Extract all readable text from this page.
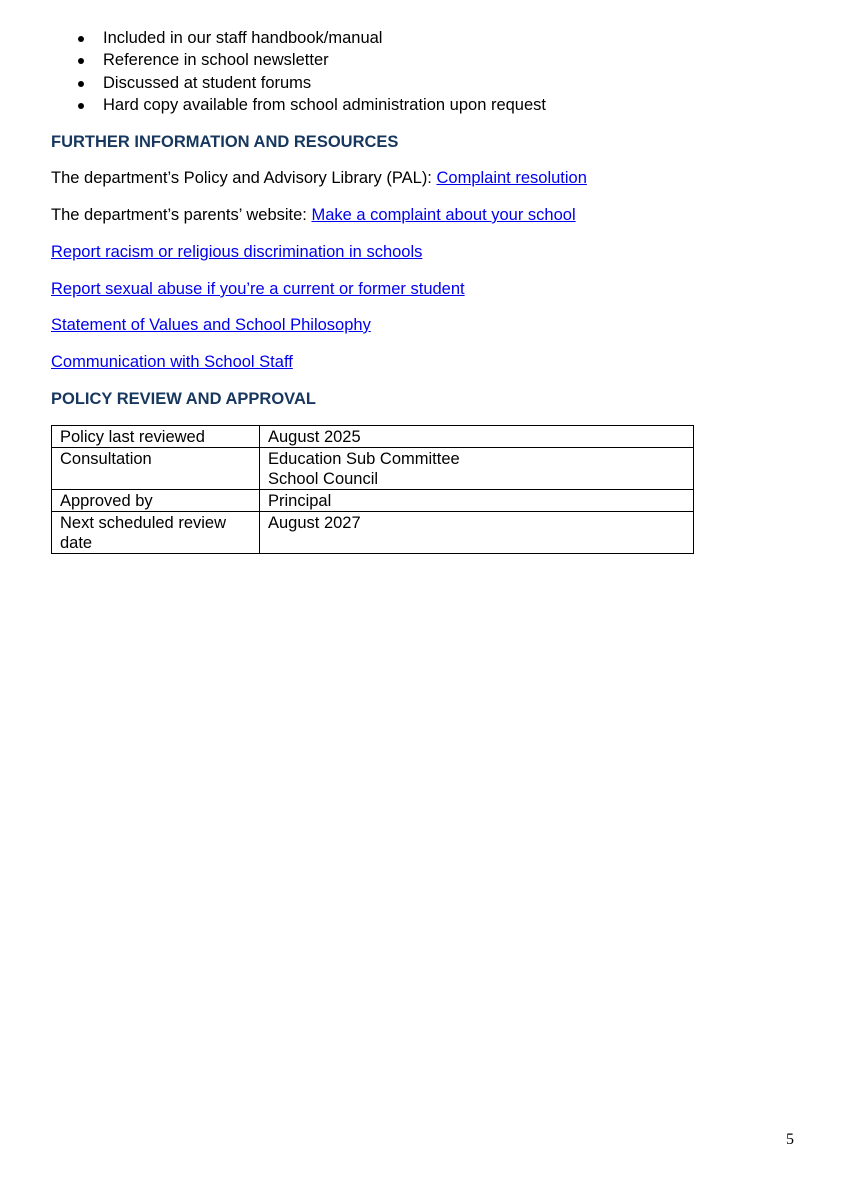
Included in our staff handbook/manual
Reference in school newsletter
Discussed at student forums
Hard copy available from school administration upon request
FURTHER INFORMATION AND RESOURCES
The department’s Policy and Advisory Library (PAL): Complaint resolution
The department’s parents’ website: Make a complaint about your school
Report racism or religious discrimination in schools
Report sexual abuse if you’re a current or former student
Statement of Values and School Philosophy
Communication with School Staff
POLICY REVIEW AND APPROVAL
Policy last reviewed	August 2025

Consultation	Education Sub Committee
School Council

Approved by	Principal

Next scheduled review date	August 2027
5
